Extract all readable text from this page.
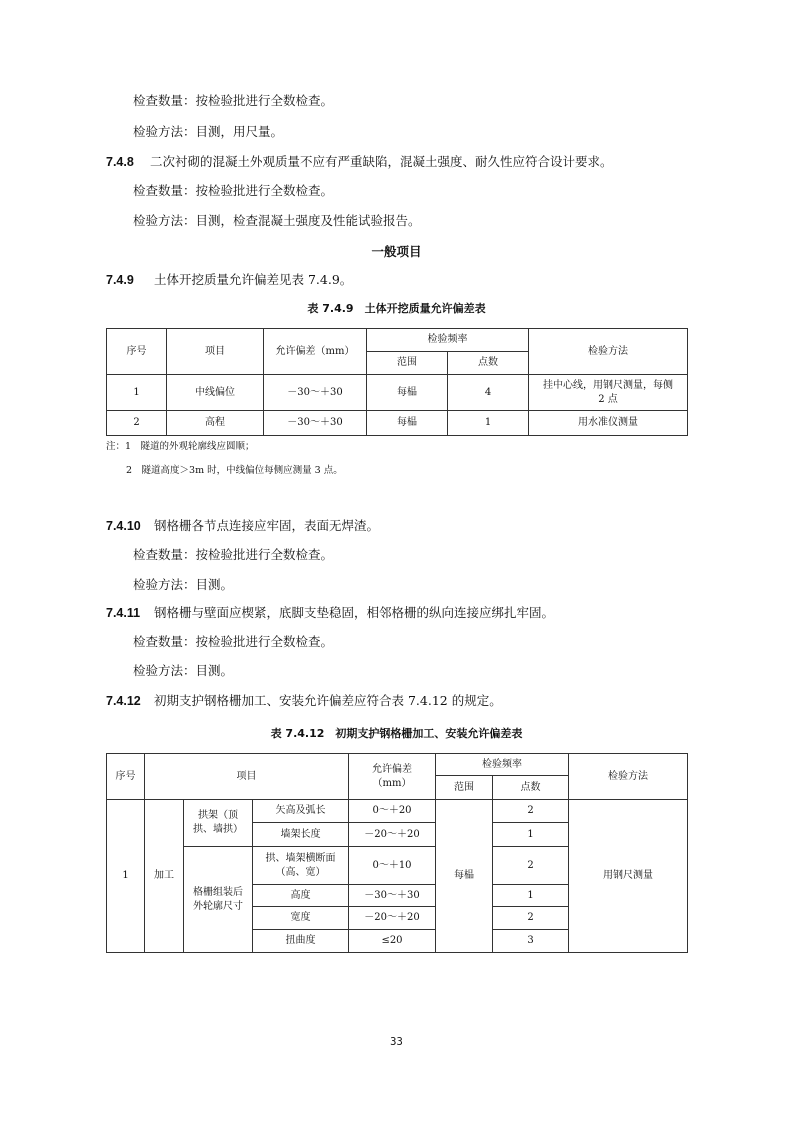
检查数量：按检验批进行全数检查。
检验方法：目测，用尺量。
7.4.8 二次衬砌的混凝土外观质量不应有严重缺陷，混凝土强度、耐久性应符合设计要求。
检查数量：按检验批进行全数检查。
检验方法：目测，检查混凝土强度及性能试验报告。
一般项目
7.4.9 土体开挖质量允许偏差见表 7.4.9。
表 7.4.9　土体开挖质量允许偏差表
序号	项目	允许偏差（mm）	检验频率		检验方法
			范围	点数	
1	中线偏位	－30～＋30	每榀	4	挂中心线，用钢尺测量，每侧 2 点
2	高程	－30～＋30	每榀	1	用水准仪测量
注：1　隧道的外观轮廓线应圆顺；
2　隧道高度＞3m 时，中线偏位每侧应测量 3 点。
7.4.10 钢格栅各节点连接应牢固，表面无焊渣。
检查数量：按检验批进行全数检查。
检验方法：目测。
7.4.11 钢格栅与壁面应楔紧，底脚支垫稳固，相邻格栅的纵向连接应绑扎牢固。
检查数量：按检验批进行全数检查。
检验方法：目测。
7.4.12 初期支护钢格栅加工、安装允许偏差应符合表 7.4.12 的规定。
表 7.4.12　初期支护钢格栅加工、安装允许偏差表
序号	项目			允许偏差（mm）	检验频率		检验方法
					范围	点数	
1	加工	拱架（顶拱、墙拱）	矢高及弧长	0～＋20	每榀	2	用钢尺测量
			墙架长度	－20～＋20		1	
		格栅组装后外轮廓尺寸	拱、墙架横断面（高、宽）	0～＋10		2	
			高度	－30～＋30		1	
			宽度	－20～＋20		2	
			扭曲度	≤20		3	
33
